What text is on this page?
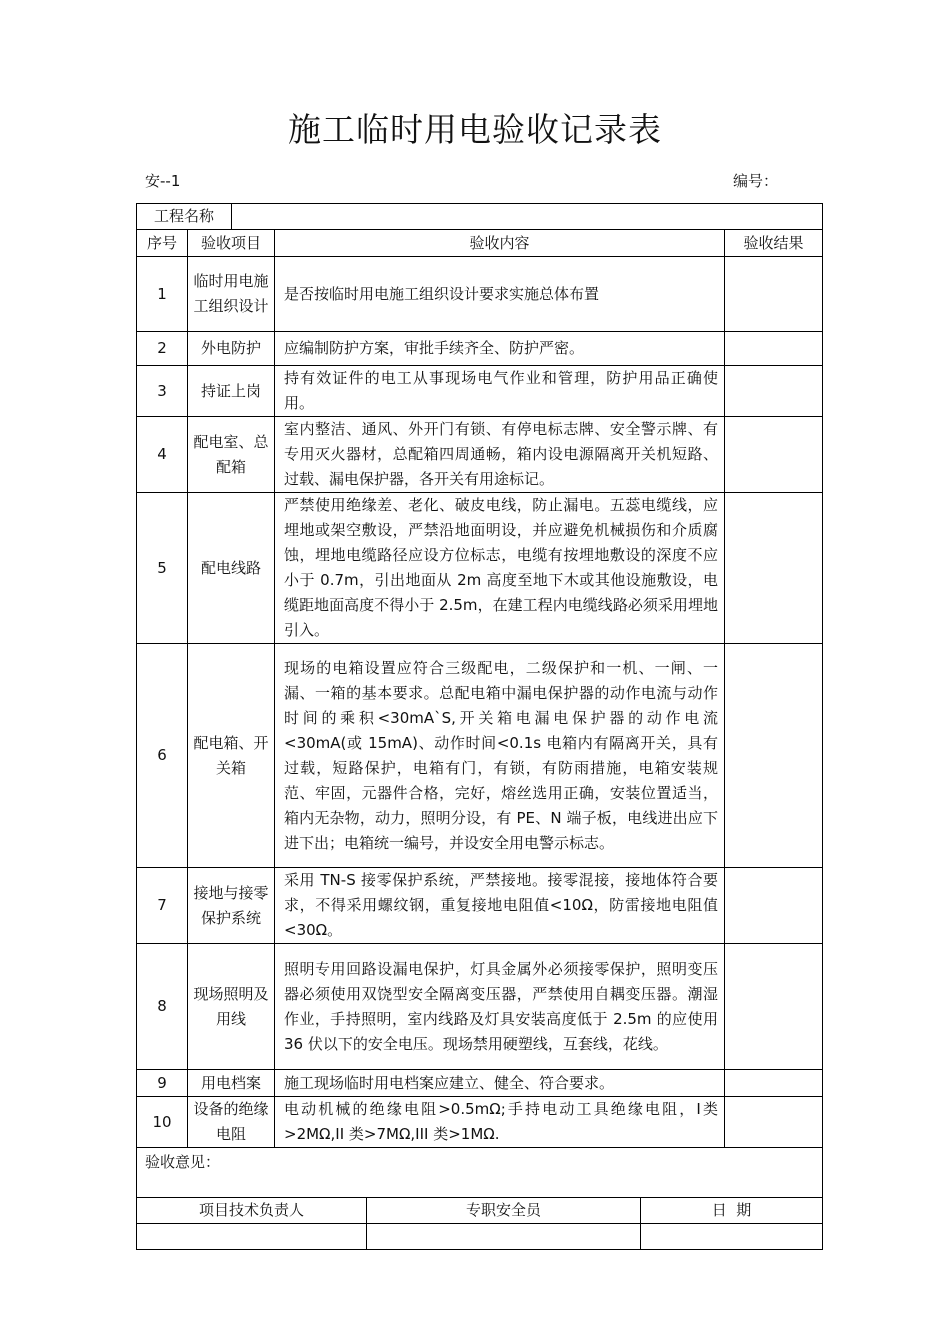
施工临时用电验收记录表
安--1	编号：
工程名称			

序号	验收项目	验收内容	验收结果
1	临时用电施工组织设计	是否按临时用电施工组织设计要求实施总体布置	
2	外电防护	应编制防护方案，审批手续齐全、防护严密。	
3	持证上岗	持有效证件的电工从事现场电气作业和管理，防护用品正确使用。	
4	配电室、总配箱	室内整洁、通风、外开门有锁、有停电标志牌、安全警示牌、有专用灭火器材，总配箱四周通畅，箱内设电源隔离开关机短路、过载、漏电保护器，各开关有用途标记。	
5	配电线路	严禁使用绝缘差、老化、破皮电线，防止漏电。五蕊电缆线，应埋地或架空敷设，严禁沿地面明设，并应避免机械损伤和介质腐蚀，埋地电缆路径应设方位标志，电缆有按埋地敷设的深度不应小于 0.7m，引出地面从 2m 高度至地下木或其他设施敷设，电缆距地面高度不得小于 2.5m，在建工程内电缆线路必须采用埋地引入。	
6	配电箱、开关箱	现场的电箱设置应符合三级配电，二级保护和一机、一闸、一漏、一箱的基本要求。总配电箱中漏电保护器的动作电流与动作时间的乘积<30mA`S,开关箱电漏电保护器的动作电流<30mA(或 15mA)、动作时间<0.1s 电箱内有隔离开关，具有过载，短路保护，电箱有门，有锁，有防雨措施，电箱安装规范、牢固，元器件合格，完好，熔丝选用正确，安装位置适当，箱内无杂物，动力，照明分设，有 PE、N 端子板，电线进出应下进下出；电箱统一编号，并设安全用电警示标志。	
7	接地与接零保护系统	采用 TN-S 接零保护系统，严禁接地。接零混接，接地体符合要求，不得采用螺纹钢，重复接地电阻值<10Ω，防雷接地电阻值<30Ω。	
8	现场照明及用线	照明专用回路设漏电保护，灯具金属外必须接零保护，照明变压器必须使用双饶型安全隔离变压器，严禁使用自耦变压器。潮湿作业，手持照明，室内线路及灯具安装高度低于 2.5m 的应使用 36 伏以下的安全电压。现场禁用硬塑线，互套线，花线。	
9	用电档案	施工现场临时用电档案应建立、健全、符合要求。	
10	设备的绝缘电阻	电动机械的绝缘电阻>0.5mΩ;手持电动工具绝缘电阻，I类>2MΩ,II 类>7MΩ,III 类>1MΩ.	
验收意见：			

项目技术负责人 专职安全员 日  期			
